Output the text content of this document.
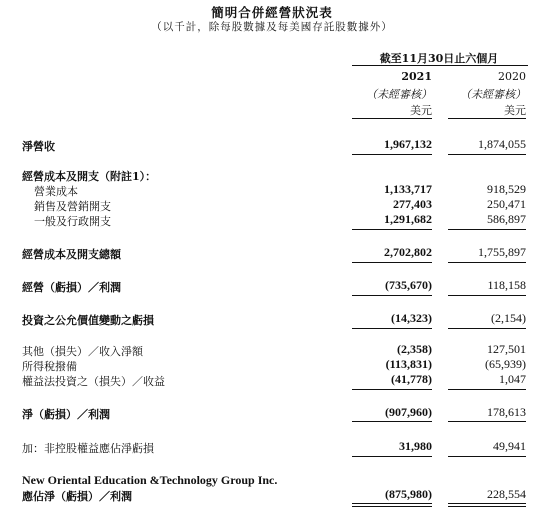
簡明合併經營狀況表
（以千計，除每股數據及每美國存託股數據外）
截至11月30日止六個月
2021	2020
（未經審核）	（未經審核）
美元	美元
淨營收	1,967,132	1,874,055
經營成本及開支（附註1）：
營業成本	1,133,717	918,529
銷售及營銷開支	277,403	250,471
一般及行政開支	1,291,682	586,897
經營成本及開支總額	2,702,802	1,755,897
經營（虧損）／利潤	(735,670)	118,158
投資之公允價值變動之虧損	(14,323)	(2,154)
其他（損失）／收入淨額	(2,358)	127,501
所得稅撥備	(113,831)	(65,939)
權益法投資之（損失）／收益	(41,778)	1,047
淨（虧損）／利潤	(907,960)	178,613
加：非控股權益應佔淨虧損	31,980	49,941
New Oriental Education &Technology Group Inc.
應佔淨（虧損）／利潤	(875,980)	228,554
